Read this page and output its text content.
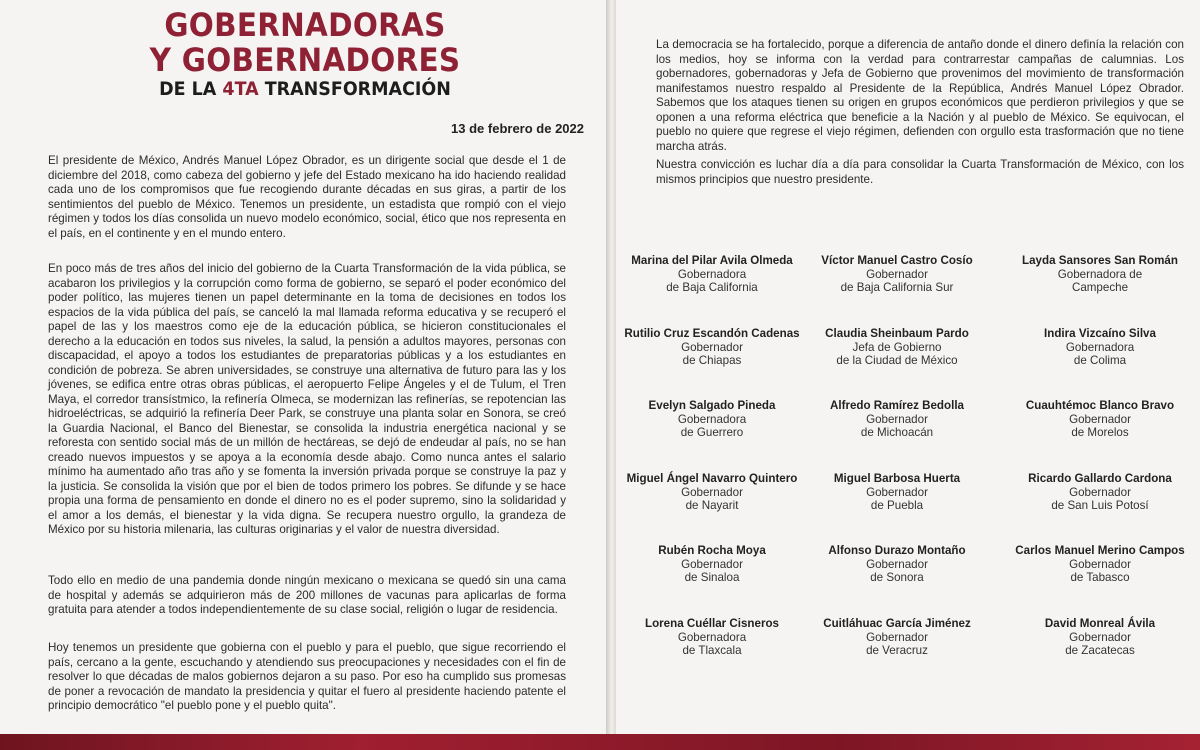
GOBERNADORAS
Y GOBERNADORES
DE LA 4TA TRANSFORMACIÓN
13 de febrero de 2022

El presidente de México, Andrés Manuel López Obrador, es un dirigente social que desde el 1 de diciembre del 2018, como cabeza del gobierno y jefe del Estado mexicano ha ido haciendo realidad cada uno de los compromisos que fue recogiendo durante décadas en sus giras, a partir de los sentimientos del pueblo de México. Tenemos un presidente, un estadista que rompió con el viejo régimen y todos los días consolida un nuevo modelo económico, social, ético que nos representa en el país, en el continente y en el mundo entero.

En poco más de tres años del inicio del gobierno de la Cuarta Transformación de la vida pública, se acabaron los privilegios y la corrupción como forma de gobierno, se separó el poder económico del poder político, las mujeres tienen un papel determinante en la toma de decisiones en todos los espacios de la vida pública del país, se canceló la mal llamada reforma educativa y se recuperó el papel de las y los maestros como eje de la educación pública, se hicieron constitucionales el derecho a la educación en todos sus niveles, la salud, la pensión a adultos mayores, personas con discapacidad, el apoyo a todos los estudiantes de preparatorias públicas y a los estudiantes en condición de pobreza. Se abren universidades, se construye una alternativa de futuro para las y los jóvenes, se edifica entre otras obras públicas, el aeropuerto Felipe Ángeles y el de Tulum, el Tren Maya, el corredor transístmico, la refinería Olmeca, se modernizan las refinerías, se repotencian las hidroeléctricas, se adquirió la refinería Deer Park, se construye una planta solar en Sonora, se creó la Guardia Nacional, el Banco del Bienestar, se consolida la industria energética nacional y se reforesta con sentido social más de un millón de hectáreas, se dejó de endeudar al país, no se han creado nuevos impuestos y se apoya a la economía desde abajo. Como nunca antes el salario mínimo ha aumentado año tras año y se fomenta la inversión privada porque se construye la paz y la justicia. Se consolida la visión que por el bien de todos primero los pobres. Se difunde y se hace propia una forma de pensamiento en donde el dinero no es el poder supremo, sino la solidaridad y el amor a los demás, el bienestar y la vida digna. Se recupera nuestro orgullo, la grandeza de México por su historia milenaria, las culturas originarias y el valor de nuestra diversidad.

Todo ello en medio de una pandemia donde ningún mexicano o mexicana se quedó sin una cama de hospital y además se adquirieron más de 200 millones de vacunas para aplicarlas de forma gratuita para atender a todos independientemente de su clase social, religión o lugar de residencia.

Hoy tenemos un presidente que gobierna con el pueblo y para el pueblo, que sigue recorriendo el país, cercano a la gente, escuchando y atendiendo sus preocupaciones y necesidades con el fin de resolver lo que décadas de malos gobiernos dejaron a su paso. Por eso ha cumplido sus promesas de poner a revocación de mandato la presidencia y quitar el fuero al presidente haciendo patente el principio democrático "el pueblo pone y el pueblo quita".

La democracia se ha fortalecido, porque a diferencia de antaño donde el dinero definía la relación con los medios, hoy se informa con la verdad para contrarrestar campañas de calumnias. Los gobernadores, gobernadoras y Jefa de Gobierno que provenimos del movimiento de transformación manifestamos nuestro respaldo al Presidente de la República, Andrés Manuel López Obrador. Sabemos que los ataques tienen su origen en grupos económicos que perdieron privilegios y que se oponen a una reforma eléctrica que beneficie a la Nación y al pueblo de México. Se equivocan, el pueblo no quiere que regrese el viejo régimen, defienden con orgullo esta trasformación que no tiene marcha atrás.

Nuestra convicción es luchar día a día para consolidar la Cuarta Transformación de México, con los mismos principios que nuestro presidente.

Marina del Pilar Avila Olmeda
Gobernadora
de Baja California
Víctor Manuel Castro Cosío
Gobernador
de Baja California Sur
Layda Sansores San Román
Gobernadora de
Campeche
Rutilio Cruz Escandón Cadenas
Gobernador
de Chiapas
Claudia Sheinbaum Pardo
Jefa de Gobierno
de la Ciudad de México
Indira Vizcaíno Silva
Gobernadora
de Colima
Evelyn Salgado Pineda
Gobernadora
de Guerrero
Alfredo Ramírez Bedolla
Gobernador
de Michoacán
Cuauhtémoc Blanco Bravo
Gobernador
de Morelos
Miguel Ángel Navarro Quintero
Gobernador
de Nayarit
Miguel Barbosa Huerta
Gobernador
de Puebla
Ricardo Gallardo Cardona
Gobernador
de San Luis Potosí
Rubén Rocha Moya
Gobernador
de Sinaloa
Alfonso Durazo Montaño
Gobernador
de Sonora
Carlos Manuel Merino Campos
Gobernador
de Tabasco
Lorena Cuéllar Cisneros
Gobernadora
de Tlaxcala
Cuitláhuac García Jiménez
Gobernador
de Veracruz
David Monreal Ávila
Gobernador
de Zacatecas
